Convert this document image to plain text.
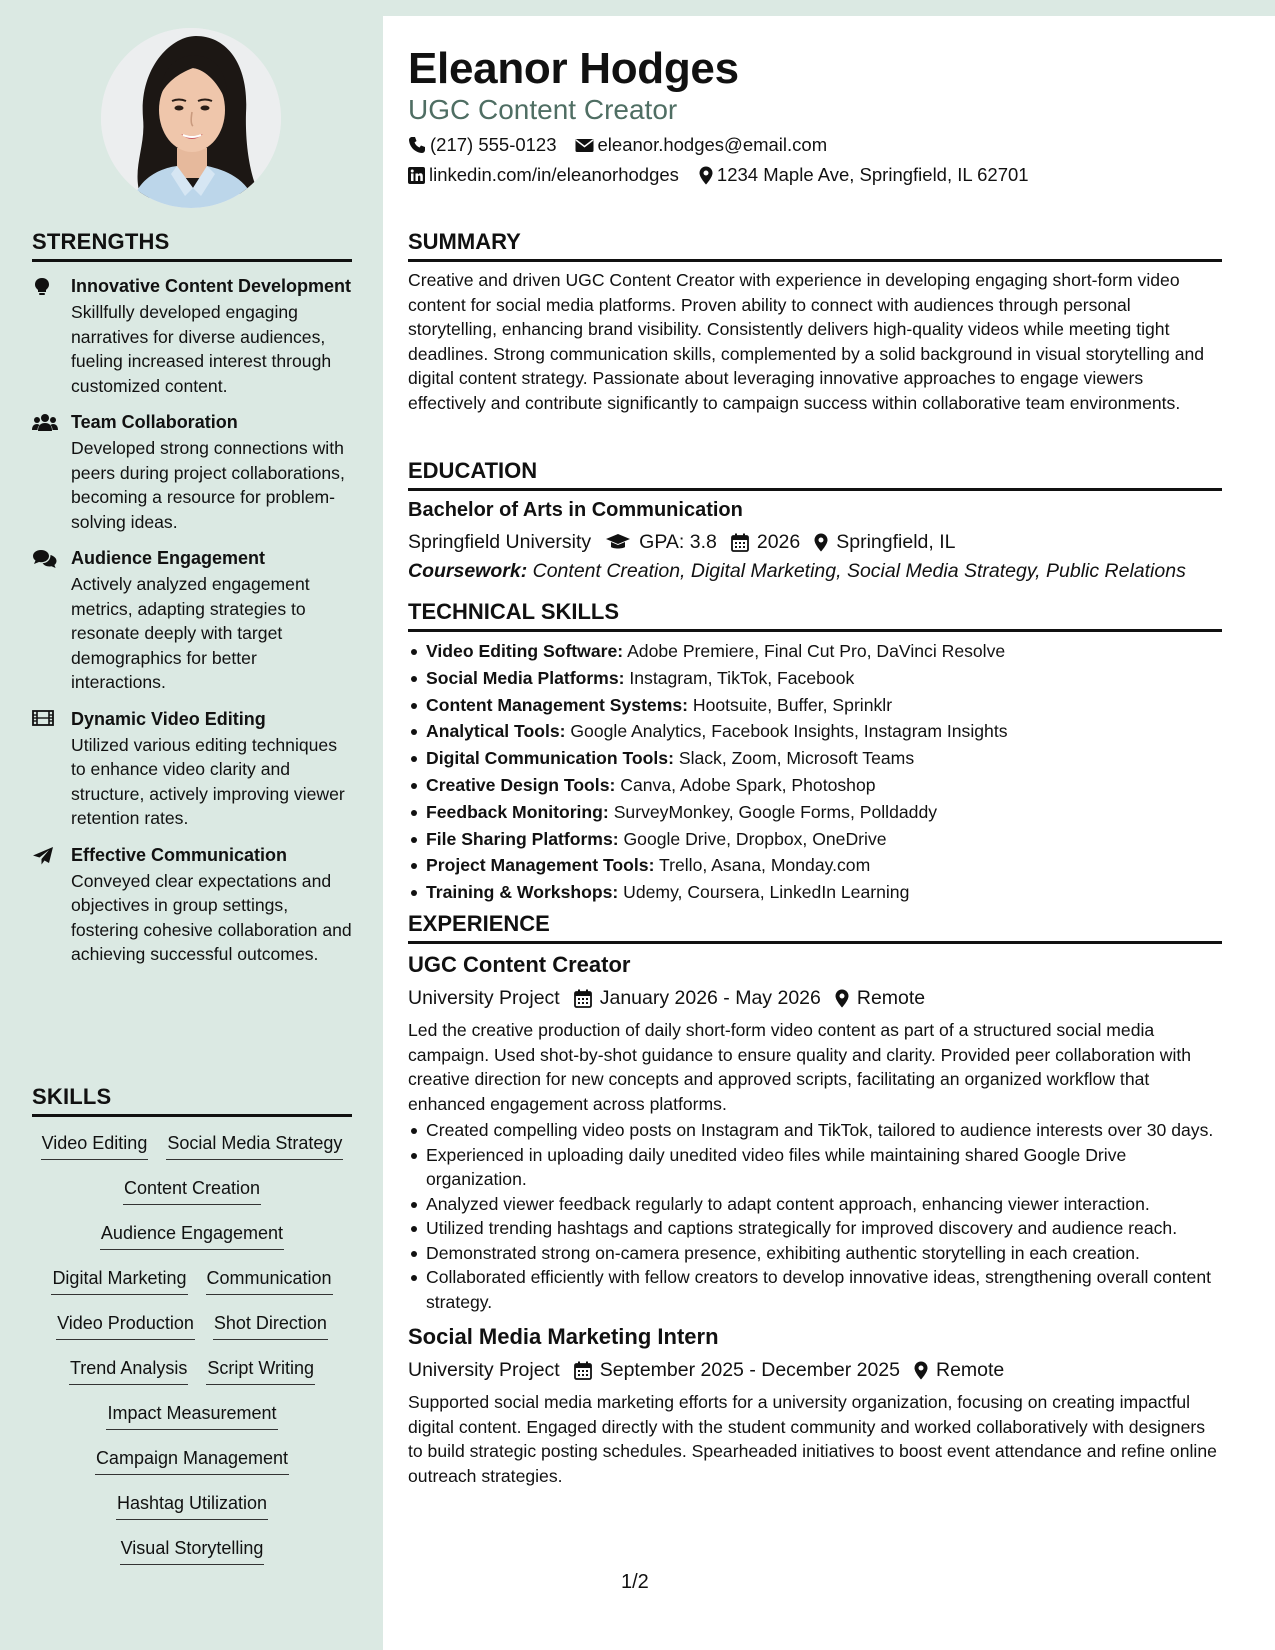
STRENGTHS
Innovative Content Development
Skillfully developed engaging narratives for diverse audiences, fueling increased interest through customized content.
Team Collaboration
Developed strong connections with peers during project collaborations, becoming a resource for problem-solving ideas.
Audience Engagement
Actively analyzed engagement metrics, adapting strategies to resonate deeply with target demographics for better interactions.
Dynamic Video Editing
Utilized various editing techniques to enhance video clarity and structure, actively improving viewer retention rates.
Effective Communication
Conveyed clear expectations and objectives in group settings, fostering cohesive collaboration and achieving successful outcomes.
SKILLS
Video Editing Social Media Strategy
Content Creation
Audience Engagement
Digital Marketing Communication
Video Production Shot Direction
Trend Analysis Script Writing
Impact Measurement
Campaign Management
Hashtag Utilization
Visual Storytelling
Eleanor Hodges
UGC Content Creator
(217) 555-0123 eleanor.hodges@email.com
linkedin.com/in/eleanorhodges 1234 Maple Ave, Springfield, IL 62701
SUMMARY
Creative and driven UGC Content Creator with experience in developing engaging short-form video content for social media platforms. Proven ability to connect with audiences through personal storytelling, enhancing brand visibility. Consistently delivers high-quality videos while meeting tight deadlines. Strong communication skills, complemented by a solid background in visual storytelling and digital content strategy. Passionate about leveraging innovative approaches to engage viewers effectively and contribute significantly to campaign success within collaborative team environments.
EDUCATION
Bachelor of Arts in Communication
Springfield University GPA: 3.8 2026 Springfield, IL
Coursework: Content Creation, Digital Marketing, Social Media Strategy, Public Relations
TECHNICAL SKILLS
Video Editing Software: Adobe Premiere, Final Cut Pro, DaVinci Resolve
Social Media Platforms: Instagram, TikTok, Facebook
Content Management Systems: Hootsuite, Buffer, Sprinklr
Analytical Tools: Google Analytics, Facebook Insights, Instagram Insights
Digital Communication Tools: Slack, Zoom, Microsoft Teams
Creative Design Tools: Canva, Adobe Spark, Photoshop
Feedback Monitoring: SurveyMonkey, Google Forms, Polldaddy
File Sharing Platforms: Google Drive, Dropbox, OneDrive
Project Management Tools: Trello, Asana, Monday.com
Training & Workshops: Udemy, Coursera, LinkedIn Learning
EXPERIENCE
UGC Content Creator
University Project January 2026 - May 2026 Remote
Led the creative production of daily short-form video content as part of a structured social media campaign. Used shot-by-shot guidance to ensure quality and clarity. Provided peer collaboration with creative direction for new concepts and approved scripts, facilitating an organized workflow that enhanced engagement across platforms.
Created compelling video posts on Instagram and TikTok, tailored to audience interests over 30 days.
Experienced in uploading daily unedited video files while maintaining shared Google Drive organization.
Analyzed viewer feedback regularly to adapt content approach, enhancing viewer interaction.
Utilized trending hashtags and captions strategically for improved discovery and audience reach.
Demonstrated strong on-camera presence, exhibiting authentic storytelling in each creation.
Collaborated efficiently with fellow creators to develop innovative ideas, strengthening overall content strategy.
Social Media Marketing Intern
University Project September 2025 - December 2025 Remote
Supported social media marketing efforts for a university organization, focusing on creating impactful digital content. Engaged directly with the student community and worked collaboratively with designers to build strategic posting schedules. Spearheaded initiatives to boost event attendance and refine online outreach strategies.
1/2
